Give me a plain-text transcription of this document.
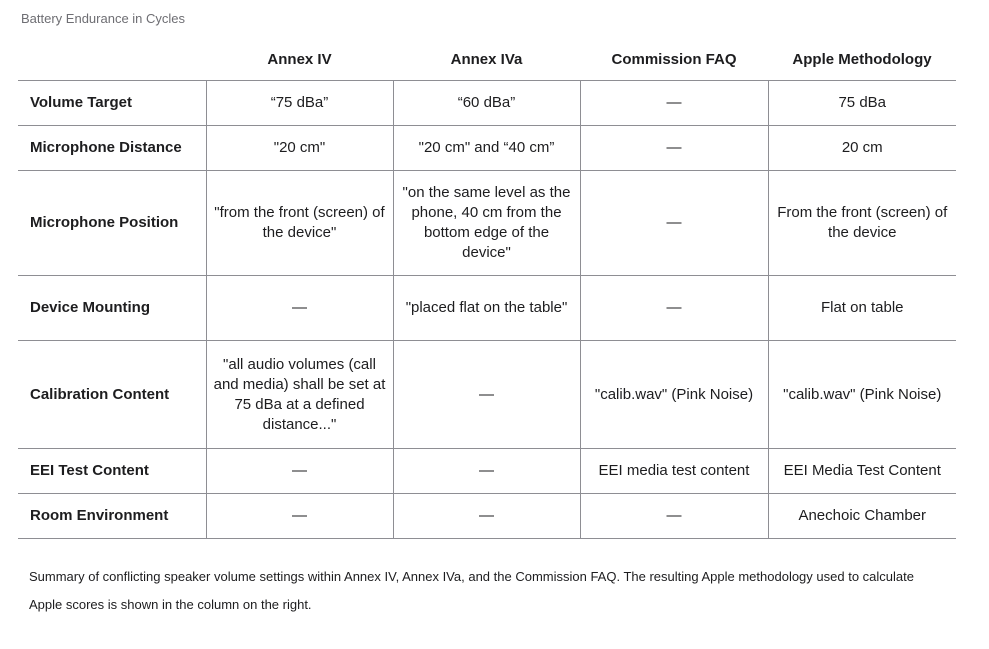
Battery Endurance in Cycles
	Annex IV	Annex IVa	Commission FAQ	Apple Methodology
Volume Target	“75 dBa”	“60 dBa”	—	75 dBa
Microphone Distance	"20 cm"	"20 cm" and “40 cm”	—	20 cm
Microphone Position	"from the front (screen) of the device"	"on the same level as the phone, 40 cm from the bottom edge of the device"	—	From the front (screen) of the device
Device Mounting	—	"placed flat on the table"	—	Flat on table
Calibration Content	"all audio volumes (call and media) shall be set at 75 dBa at a defined distance..."	—	"calib.wav" (Pink Noise)	"calib.wav" (Pink Noise)
EEI Test Content	—	—	EEI media test content	EEI Media Test Content
Room Environment	—	—	—	Anechoic Chamber
Summary of conflicting speaker volume settings within Annex IV, Annex IVa, and the Commission FAQ. The resulting Apple methodology used to calculate Apple scores is shown in the column on the right.
